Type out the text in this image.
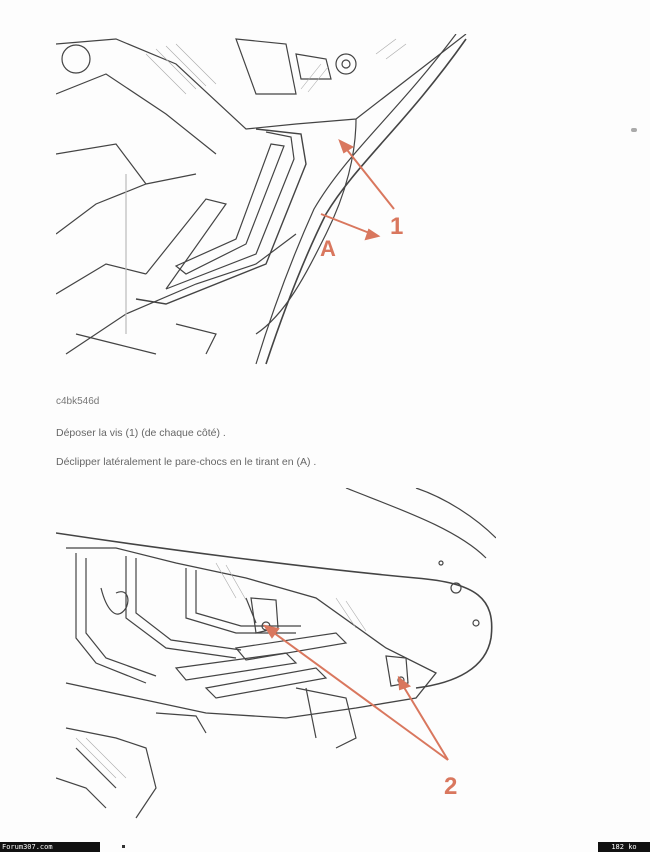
1
A
c4bk546d
Déposer la vis (1) (de chaque côté) .
Déclipper latéralement le pare-chocs en le tirant en (A) .
2
Forum307.com	182 ko
